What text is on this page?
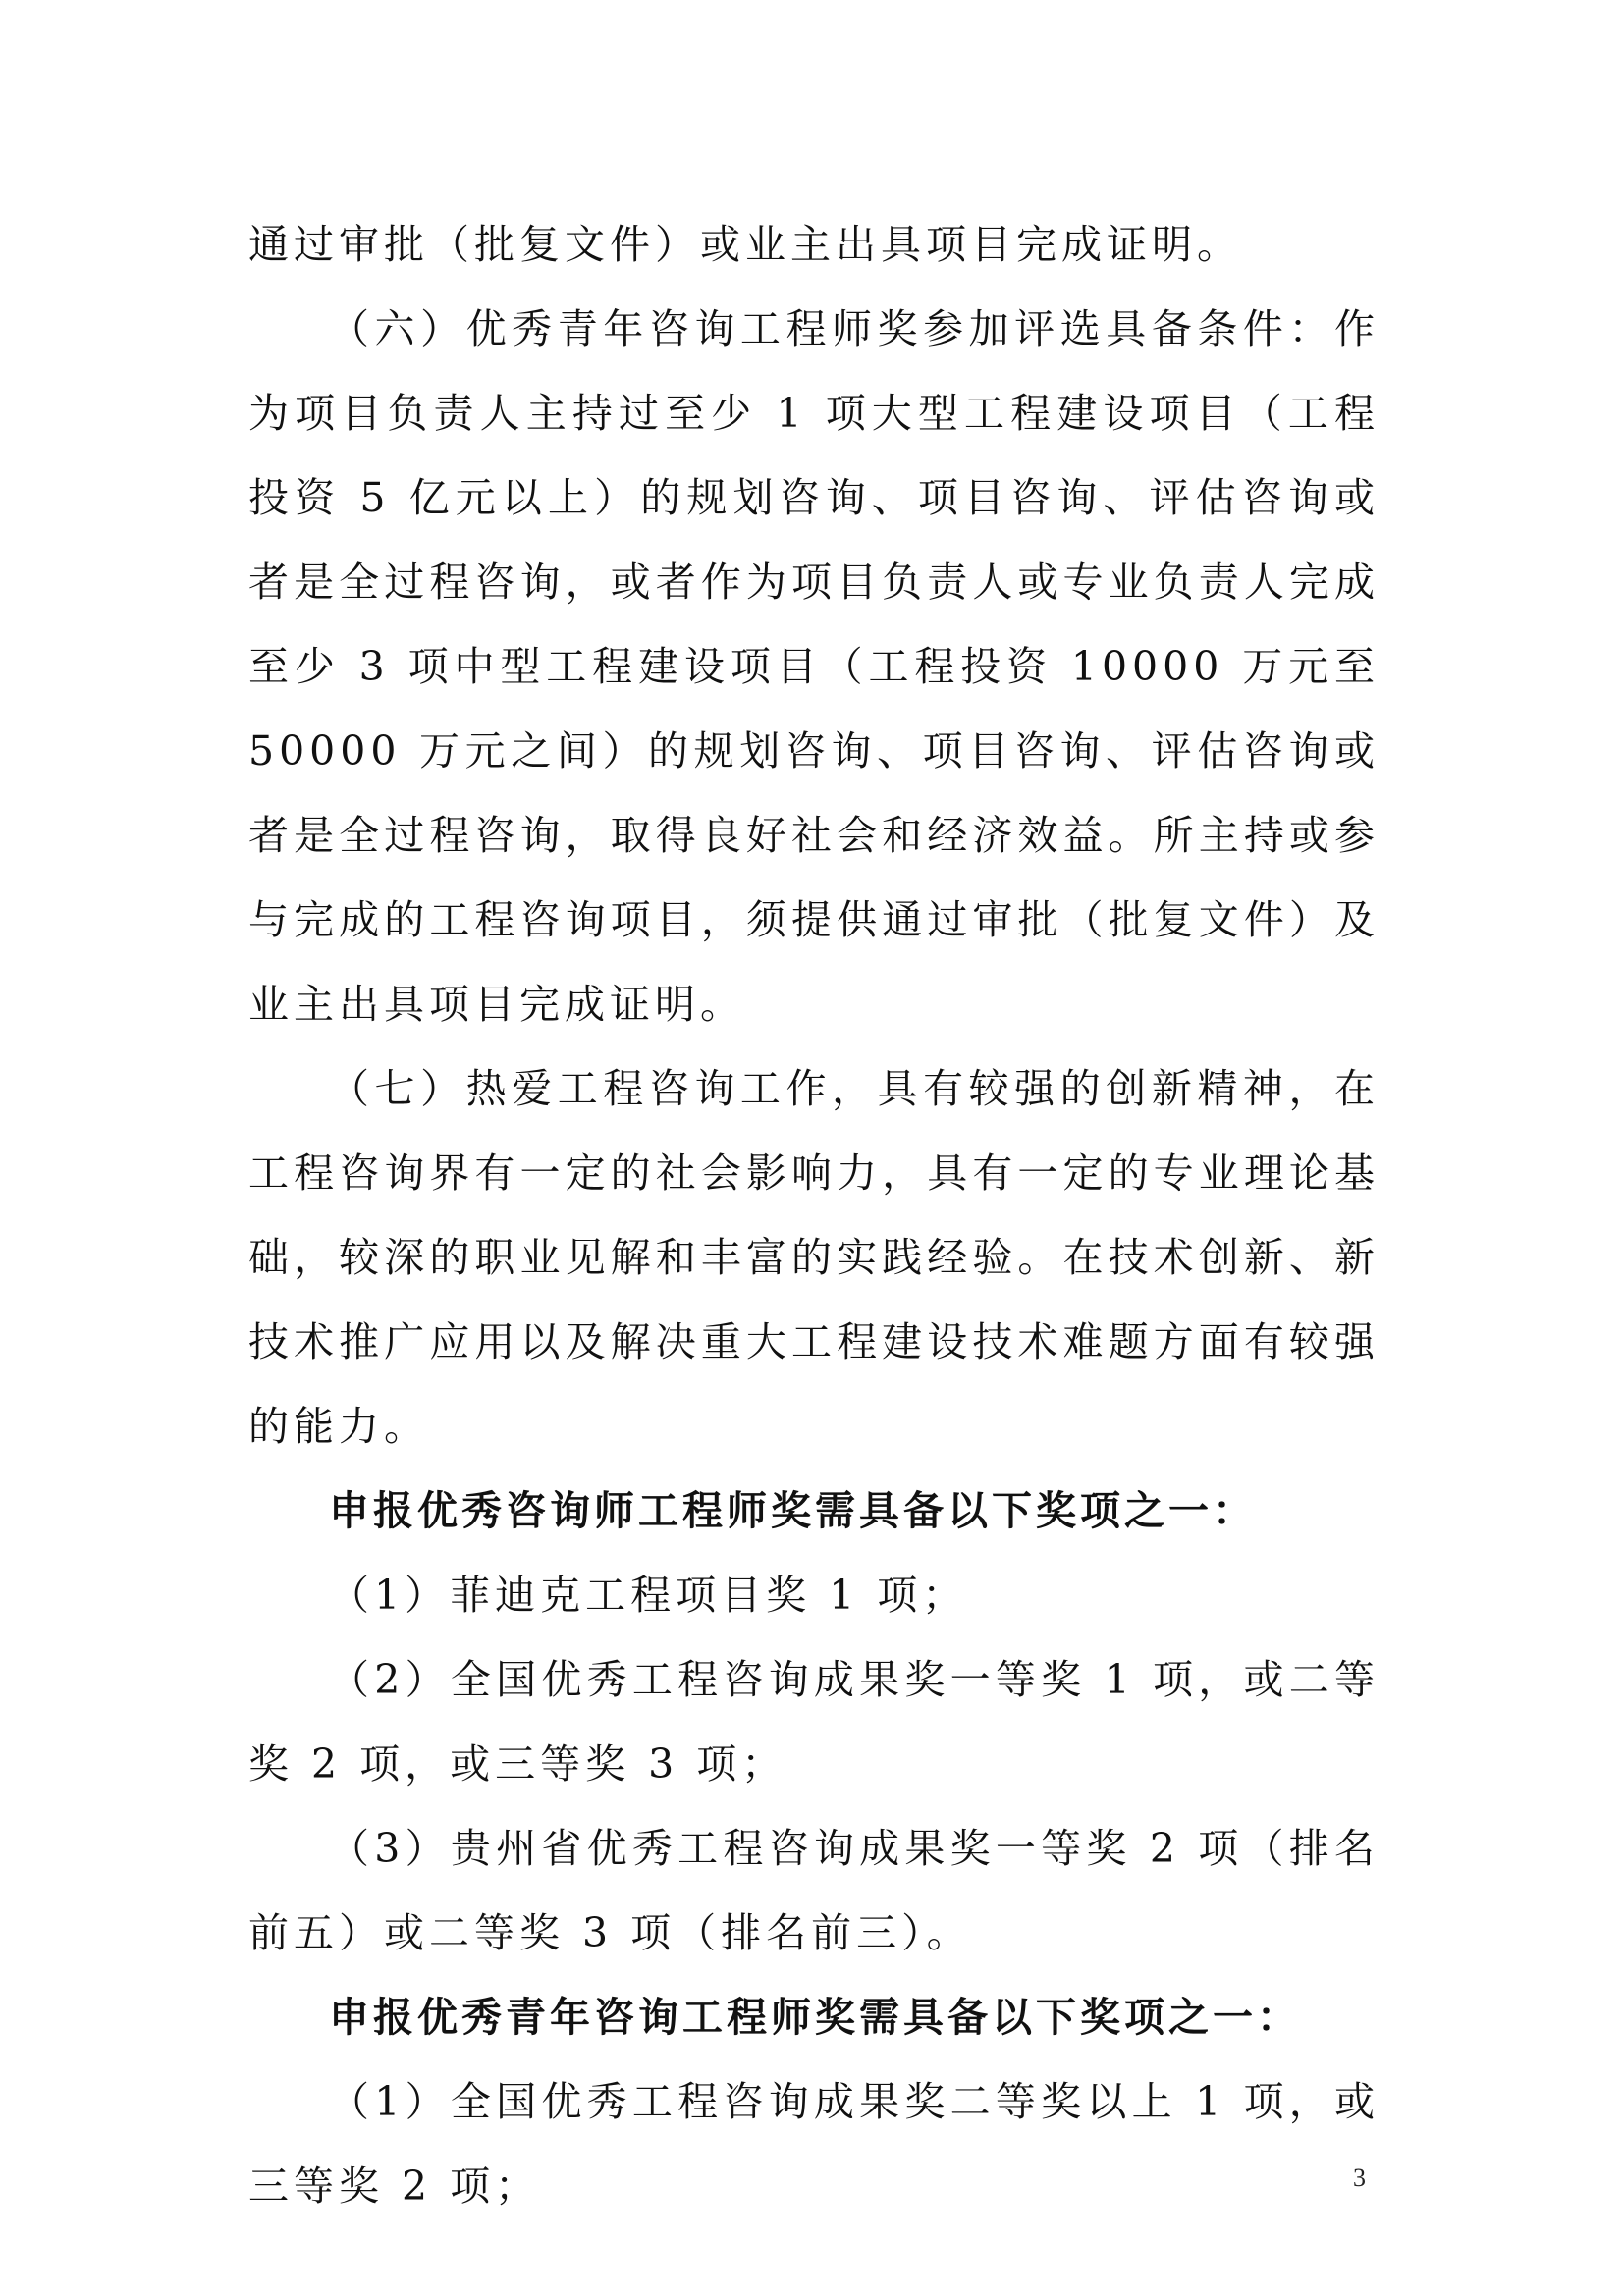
通过审批（批复文件）或业主出具项目完成证明。

（六）优秀青年咨询工程师奖参加评选具备条件：作为项目负责人主持过至少 1 项大型工程建设项目（工程投资 5 亿元以上）的规划咨询、项目咨询、评估咨询或者是全过程咨询，或者作为项目负责人或专业负责人完成至少 3 项中型工程建设项目（工程投资 10000 万元至 50000 万元之间）的规划咨询、项目咨询、评估咨询或者是全过程咨询，取得良好社会和经济效益。所主持或参与完成的工程咨询项目，须提供通过审批（批复文件）及业主出具项目完成证明。

（七）热爱工程咨询工作，具有较强的创新精神，在工程咨询界有一定的社会影响力，具有一定的专业理论基础，较深的职业见解和丰富的实践经验。在技术创新、新技术推广应用以及解决重大工程建设技术难题方面有较强的能力。

申报优秀咨询师工程师奖需具备以下奖项之一：

（1）菲迪克工程项目奖 1 项；

（2）全国优秀工程咨询成果奖一等奖 1 项，或二等奖 2 项，或三等奖 3 项；

（3）贵州省优秀工程咨询成果奖一等奖 2 项（排名前五）或二等奖 3 项（排名前三）。

申报优秀青年咨询工程师奖需具备以下奖项之一：

（1）全国优秀工程咨询成果奖二等奖以上 1 项，或三等奖 2 项；	3
